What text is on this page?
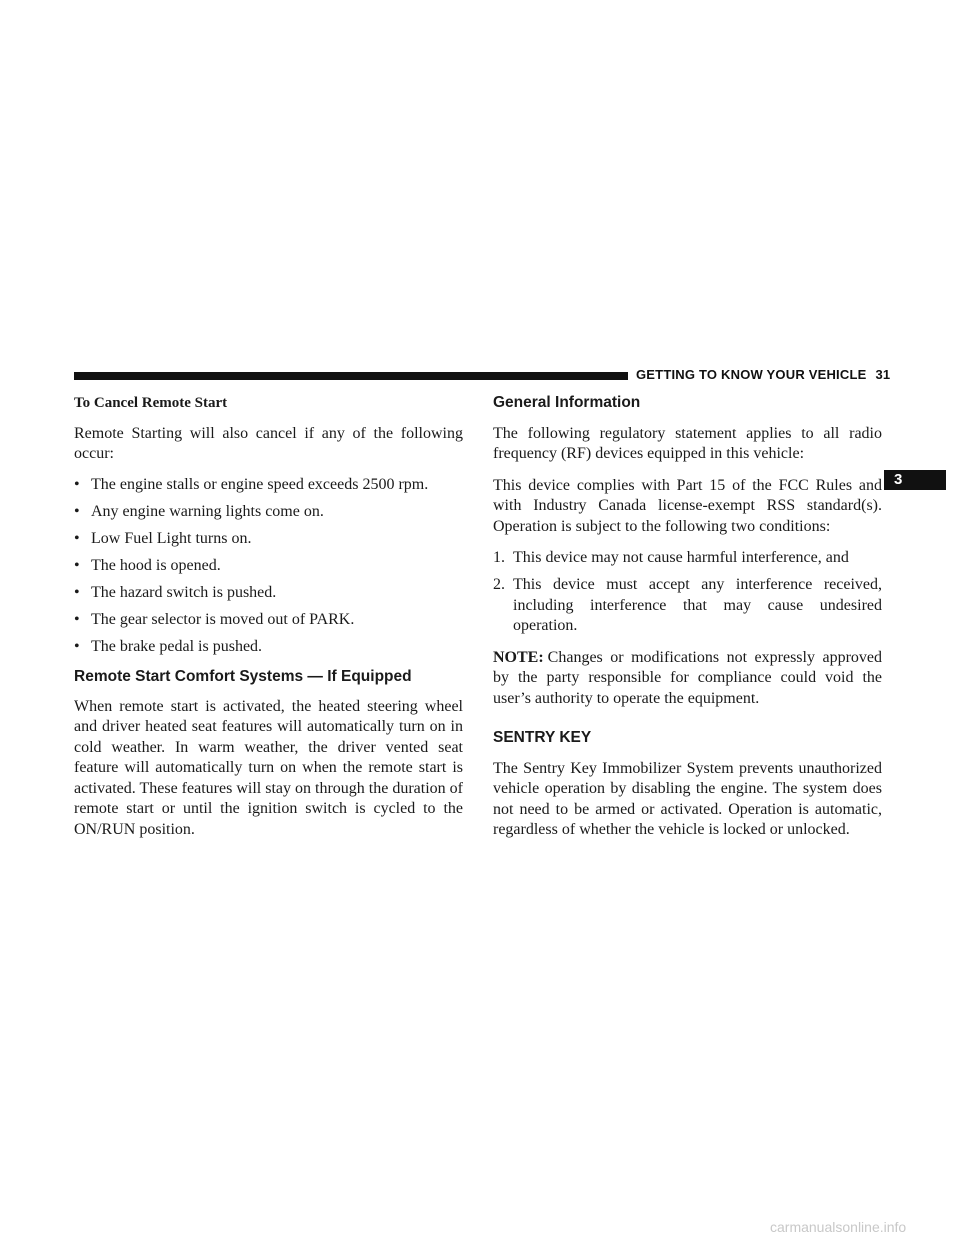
GETTING TO KNOW YOUR VEHICLE 31
3
To Cancel Remote Start

Remote Starting will also cancel if any of the following occur:

• The engine stalls or engine speed exceeds 2500 rpm.
• Any engine warning lights come on.
• Low Fuel Light turns on.
• The hood is opened.
• The hazard switch is pushed.
• The gear selector is moved out of PARK.
• The brake pedal is pushed.
Remote Start Comfort Systems — If Equipped

When remote start is activated, the heated steering wheel and driver heated seat features will automatically turn on in cold weather. In warm weather, the driver vented seat feature will automatically turn on when the remote start is activated. These features will stay on through the duration of remote start or until the ignition switch is cycled to the ON/RUN position.

General Information

The following regulatory statement applies to all radio frequency (RF) devices equipped in this vehicle:

This device complies with Part 15 of the FCC Rules and with Industry Canada license-exempt RSS standard(s). Operation is subject to the following two conditions:

1. This device may not cause harmful interference, and
2. This device must accept any interference received, including interference that may cause undesired operation.

NOTE: Changes or modifications not expressly approved by the party responsible for compliance could void the user’s authority to operate the equipment.

SENTRY KEY

The Sentry Key Immobilizer System prevents unauthorized vehicle operation by disabling the engine. The system does not need to be armed or activated. Operation is automatic, regardless of whether the vehicle is locked or unlocked.

carmanualsonline.info
